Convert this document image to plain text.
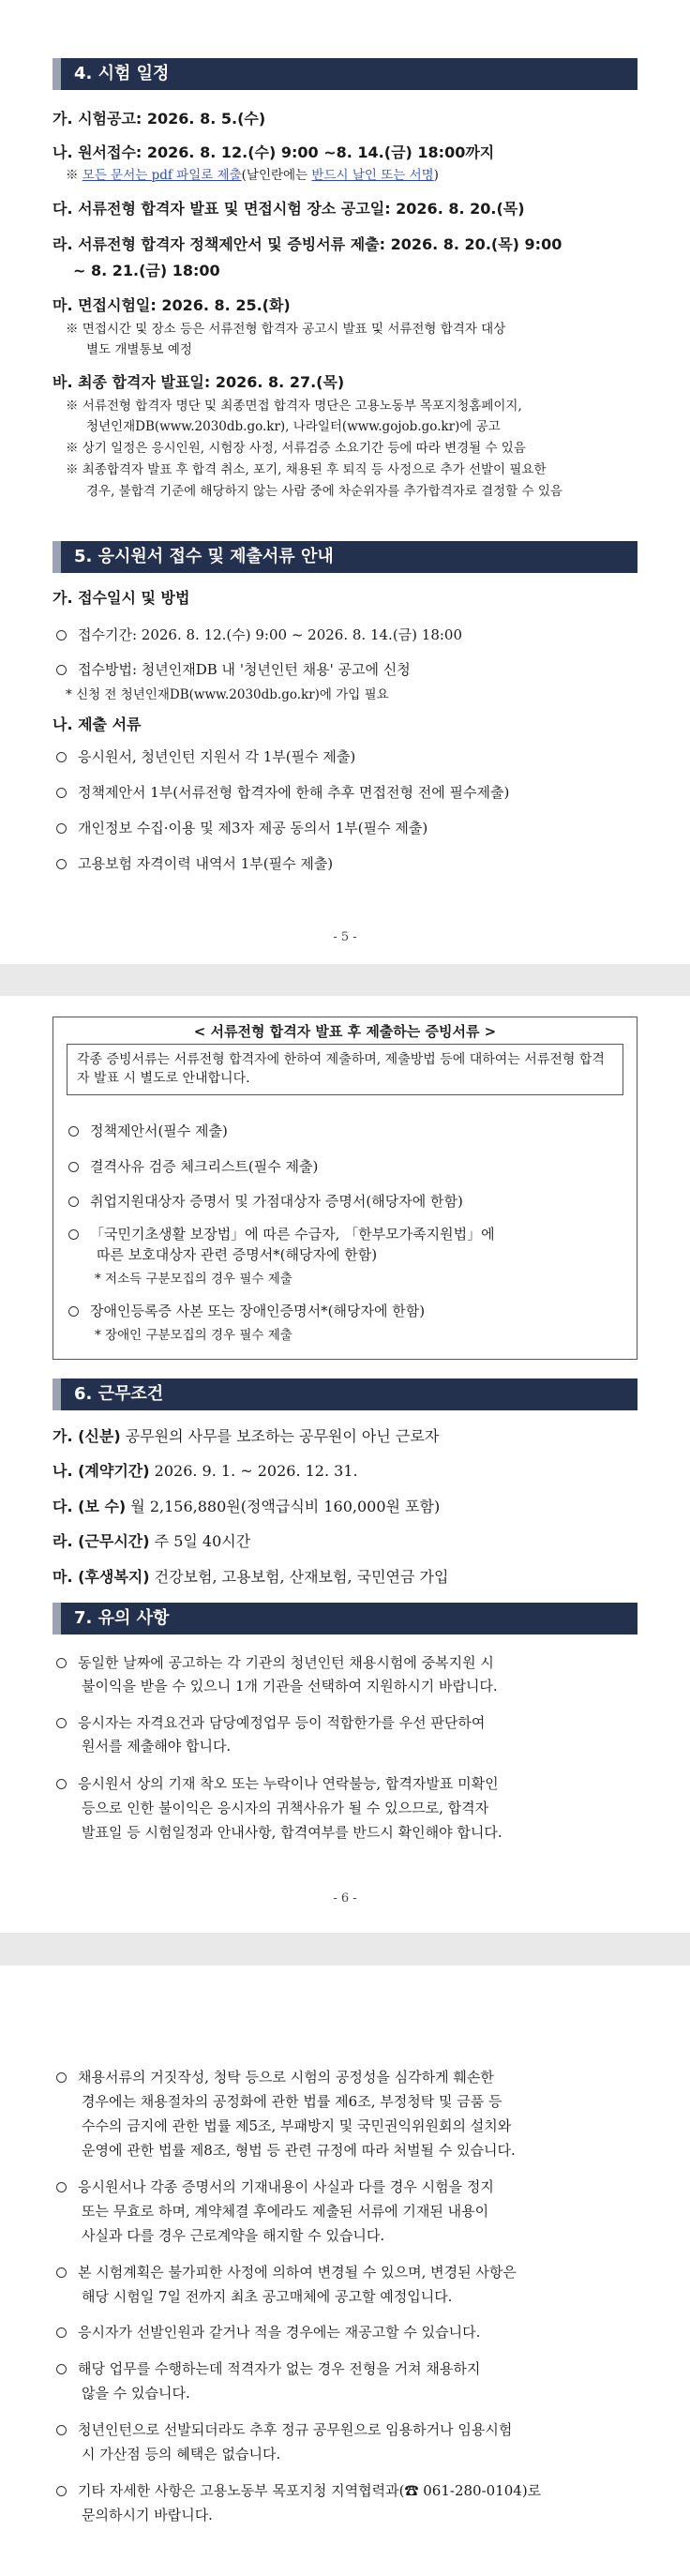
4. 시험 일정
가. 시험공고: 2026. 8. 5.(수)
나. 원서접수: 2026. 8. 12.(수) 9:00 ~8. 14.(금) 18:00까지
※ 모든 문서는 pdf 파일로 제출(날인란에는 반드시 날인 또는 서명)
다. 서류전형 합격자 발표 및 면접시험 장소 공고일: 2026. 8. 20.(목)
라. 서류전형 합격자 정책제안서 및 증빙서류 제출: 2026. 8. 20.(목) 9:00
~ 8. 21.(금) 18:00
마. 면접시험일: 2026. 8. 25.(화)
※ 면접시간 및 장소 등은 서류전형 합격자 공고시 발표 및 서류전형 합격자 대상
별도 개별통보 예정
바. 최종 합격자 발표일: 2026. 8. 27.(목)
※ 서류전형 합격자 명단 및 최종면접 합격자 명단은 고용노동부 목포지청홈페이지,
청년인재DB(www.2030db.go.kr), 나라일터(www.gojob.go.kr)에 공고
※ 상기 일정은 응시인원, 시험장 사정, 서류검증 소요기간 등에 따라 변경될 수 있음
※ 최종합격자 발표 후 합격 취소, 포기, 채용된 후 퇴직 등 사정으로 추가 선발이 필요한
경우, 불합격 기준에 해당하지 않는 사람 중에 차순위자를 추가합격자로 결정할 수 있음
5. 응시원서 접수 및 제출서류 안내
가. 접수일시 및 방법
접수기간: 2026. 8. 12.(수) 9:00 ~ 2026. 8. 14.(금) 18:00
접수방법: 청년인재DB 내 '청년인턴 채용' 공고에 신청
* 신청 전 청년인재DB(www.2030db.go.kr)에 가입 필요
나. 제출 서류
응시원서, 청년인턴 지원서 각 1부(필수 제출)
정책제안서 1부(서류전형 합격자에 한해 추후 면접전형 전에 필수제출)
개인정보 수집·이용 및 제3자 제공 동의서 1부(필수 제출)
고용보험 자격이력 내역서 1부(필수 제출)
- 5 -
< 서류전형 합격자 발표 후 제출하는 증빙서류 >
각종 증빙서류는 서류전형 합격자에 한하여 제출하며, 제출방법 등에 대하여는 서류전형 합격자 발표 시 별도로 안내합니다.
정책제안서(필수 제출)
결격사유 검증 체크리스트(필수 제출)
취업지원대상자 증명서 및 가점대상자 증명서(해당자에 한함)
「국민기초생활 보장법」에 따른 수급자, 「한부모가족지원법」에
따른 보호대상자 관련 증명서*(해당자에 한함)
* 저소득 구분모집의 경우 필수 제출
장애인등록증 사본 또는 장애인증명서*(해당자에 한함)
* 장애인 구분모집의 경우 필수 제출
6. 근무조건
가. (신분) 공무원의 사무를 보조하는 공무원이 아닌 근로자
나. (계약기간) 2026. 9. 1. ~ 2026. 12. 31.
다. (보 수) 월 2,156,880원(정액급식비 160,000원 포함)
라. (근무시간) 주 5일 40시간
마. (후생복지) 건강보험, 고용보험, 산재보험, 국민연금 가입
7. 유의 사항
동일한 날짜에 공고하는 각 기관의 청년인턴 채용시험에 중복지원 시
불이익을 받을 수 있으니 1개 기관을 선택하여 지원하시기 바랍니다.
응시자는 자격요건과 담당예정업무 등이 적합한가를 우선 판단하여
원서를 제출해야 합니다.
응시원서 상의 기재 착오 또는 누락이나 연락불능, 합격자발표 미확인
등으로 인한 불이익은 응시자의 귀책사유가 될 수 있으므로, 합격자
발표일 등 시험일정과 안내사항, 합격여부를 반드시 확인해야 합니다.
- 6 -
채용서류의 거짓작성, 청탁 등으로 시험의 공정성을 심각하게 훼손한
경우에는 채용절차의 공정화에 관한 법률 제6조, 부정청탁 및 금품 등
수수의 금지에 관한 법률 제5조, 부패방지 및 국민권익위원회의 설치와
운영에 관한 법률 제8조, 형법 등 관련 규정에 따라 처벌될 수 있습니다.
응시원서나 각종 증명서의 기재내용이 사실과 다를 경우 시험을 정지
또는 무효로 하며, 계약체결 후에라도 제출된 서류에 기재된 내용이
사실과 다를 경우 근로계약을 해지할 수 있습니다.
본 시험계획은 불가피한 사정에 의하여 변경될 수 있으며, 변경된 사항은
해당 시험일 7일 전까지 최초 공고매체에 공고할 예정입니다.
응시자가 선발인원과 같거나 적을 경우에는 재공고할 수 있습니다.
해당 업무를 수행하는데 적격자가 없는 경우 전형을 거쳐 채용하지
않을 수 있습니다.
청년인턴으로 선발되더라도 추후 정규 공무원으로 임용하거나 임용시험
시 가산점 등의 혜택은 없습니다.
기타 자세한 사항은 고용노동부 목포지청 지역협력과(☎ 061-280-0104)로
문의하시기 바랍니다.
